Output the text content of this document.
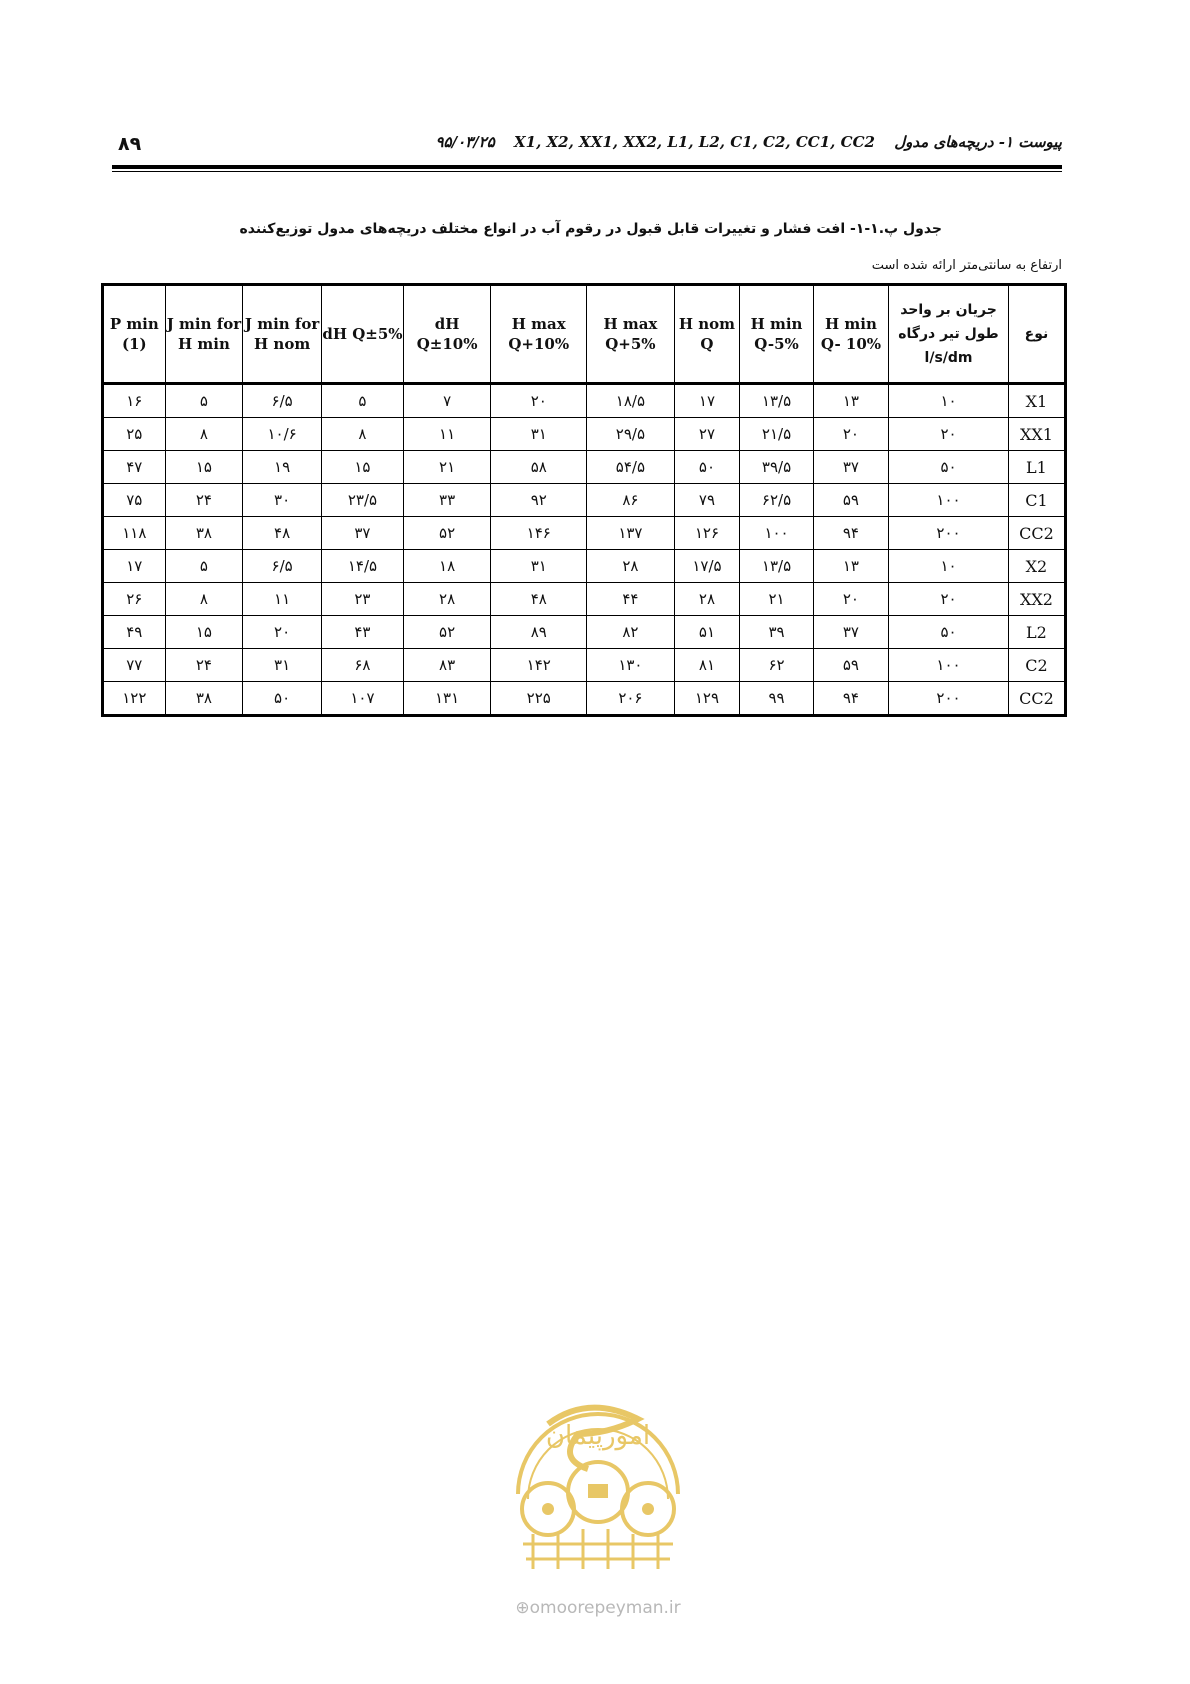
۸۹	پیوست ۱- دریچه‌های مدول X1, X2, XX1, XX2, L1, L2, C1, C2, CC1, CC2 ۹۵/۰۳/۲۵
جدول پ.۱-۱- افت فشار و تغییرات قابل قبول در رقوم آب در انواع مختلف دریچه‌های مدول توزیع‌کننده
ارتفاع به سانتی‌متر ارائه شده است
نوع	جریان بر واحد طول تیر درگاه l/s/dm	H min Q- 10%	H min Q-5%	H nom Q	H max Q+5%	H max Q+10%	dH Q±10%	dH Q±5%	J min for H nom	J min for H min	P min (1)
X1	۱۰	۱۳	۱۳/۵	۱۷	۱۸/۵	۲۰	۷	۵	۶/۵	۵	۱۶
XX1	۲۰	۲۰	۲۱/۵	۲۷	۲۹/۵	۳۱	۱۱	۸	۱۰/۶	۸	۲۵
L1	۵۰	۳۷	۳۹/۵	۵۰	۵۴/۵	۵۸	۲۱	۱۵	۱۹	۱۵	۴۷
C1	۱۰۰	۵۹	۶۲/۵	۷۹	۸۶	۹۲	۳۳	۲۳/۵	۳۰	۲۴	۷۵
CC2	۲۰۰	۹۴	۱۰۰	۱۲۶	۱۳۷	۱۴۶	۵۲	۳۷	۴۸	۳۸	۱۱۸
X2	۱۰	۱۳	۱۳/۵	۱۷/۵	۲۸	۳۱	۱۸	۱۴/۵	۶/۵	۵	۱۷
XX2	۲۰	۲۰	۲۱	۲۸	۴۴	۴۸	۲۸	۲۳	۱۱	۸	۲۶
L2	۵۰	۳۷	۳۹	۵۱	۸۲	۸۹	۵۲	۴۳	۲۰	۱۵	۴۹
C2	۱۰۰	۵۹	۶۲	۸۱	۱۳۰	۱۴۲	۸۳	۶۸	۳۱	۲۴	۷۷
CC2	۲۰۰	۹۴	۹۹	۱۲۹	۲۰۶	۲۲۵	۱۳۱	۱۰۷	۵۰	۳۸	۱۲۲
امورپیمان
⊕omoorepeyman.ir
